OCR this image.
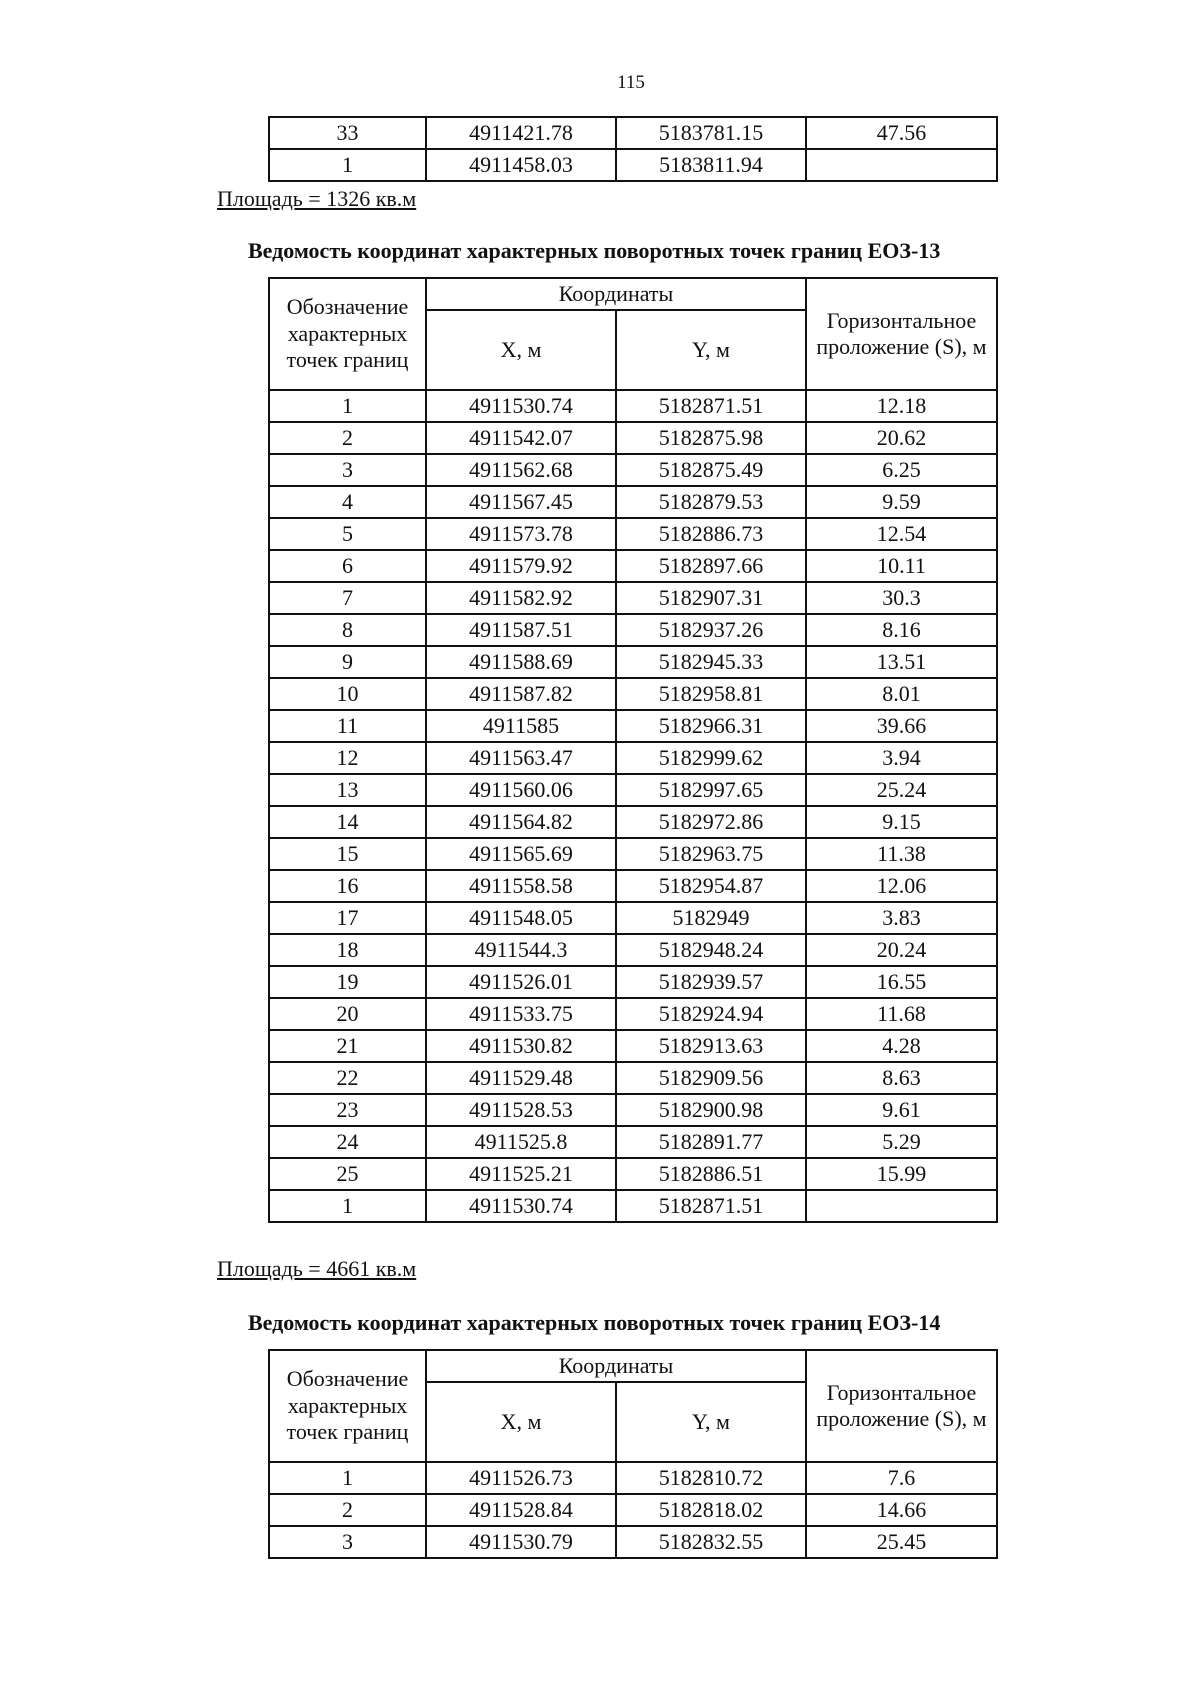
115
33	4911421.78	5183781.15	47.56
1	4911458.03	5183811.94	
Площадь = 1326 кв.м
Ведомость координат характерных поворотных точек границ ЕОЗ-13
Обозначение характерных точек границ	Координаты		Горизонтальное проложение (S), м
	X, м	Y, м	
1	4911530.74	5182871.51	12.18
2	4911542.07	5182875.98	20.62
3	4911562.68	5182875.49	6.25
4	4911567.45	5182879.53	9.59
5	4911573.78	5182886.73	12.54
6	4911579.92	5182897.66	10.11
7	4911582.92	5182907.31	30.3
8	4911587.51	5182937.26	8.16
9	4911588.69	5182945.33	13.51
10	4911587.82	5182958.81	8.01
11	4911585	5182966.31	39.66
12	4911563.47	5182999.62	3.94
13	4911560.06	5182997.65	25.24
14	4911564.82	5182972.86	9.15
15	4911565.69	5182963.75	11.38
16	4911558.58	5182954.87	12.06
17	4911548.05	5182949	3.83
18	4911544.3	5182948.24	20.24
19	4911526.01	5182939.57	16.55
20	4911533.75	5182924.94	11.68
21	4911530.82	5182913.63	4.28
22	4911529.48	5182909.56	8.63
23	4911528.53	5182900.98	9.61
24	4911525.8	5182891.77	5.29
25	4911525.21	5182886.51	15.99
1	4911530.74	5182871.51	
Площадь = 4661 кв.м
Ведомость координат характерных поворотных точек границ ЕОЗ-14
Обозначение характерных точек границ	Координаты		Горизонтальное проложение (S), м
	X, м	Y, м	
1	4911526.73	5182810.72	7.6
2	4911528.84	5182818.02	14.66
3	4911530.79	5182832.55	25.45
